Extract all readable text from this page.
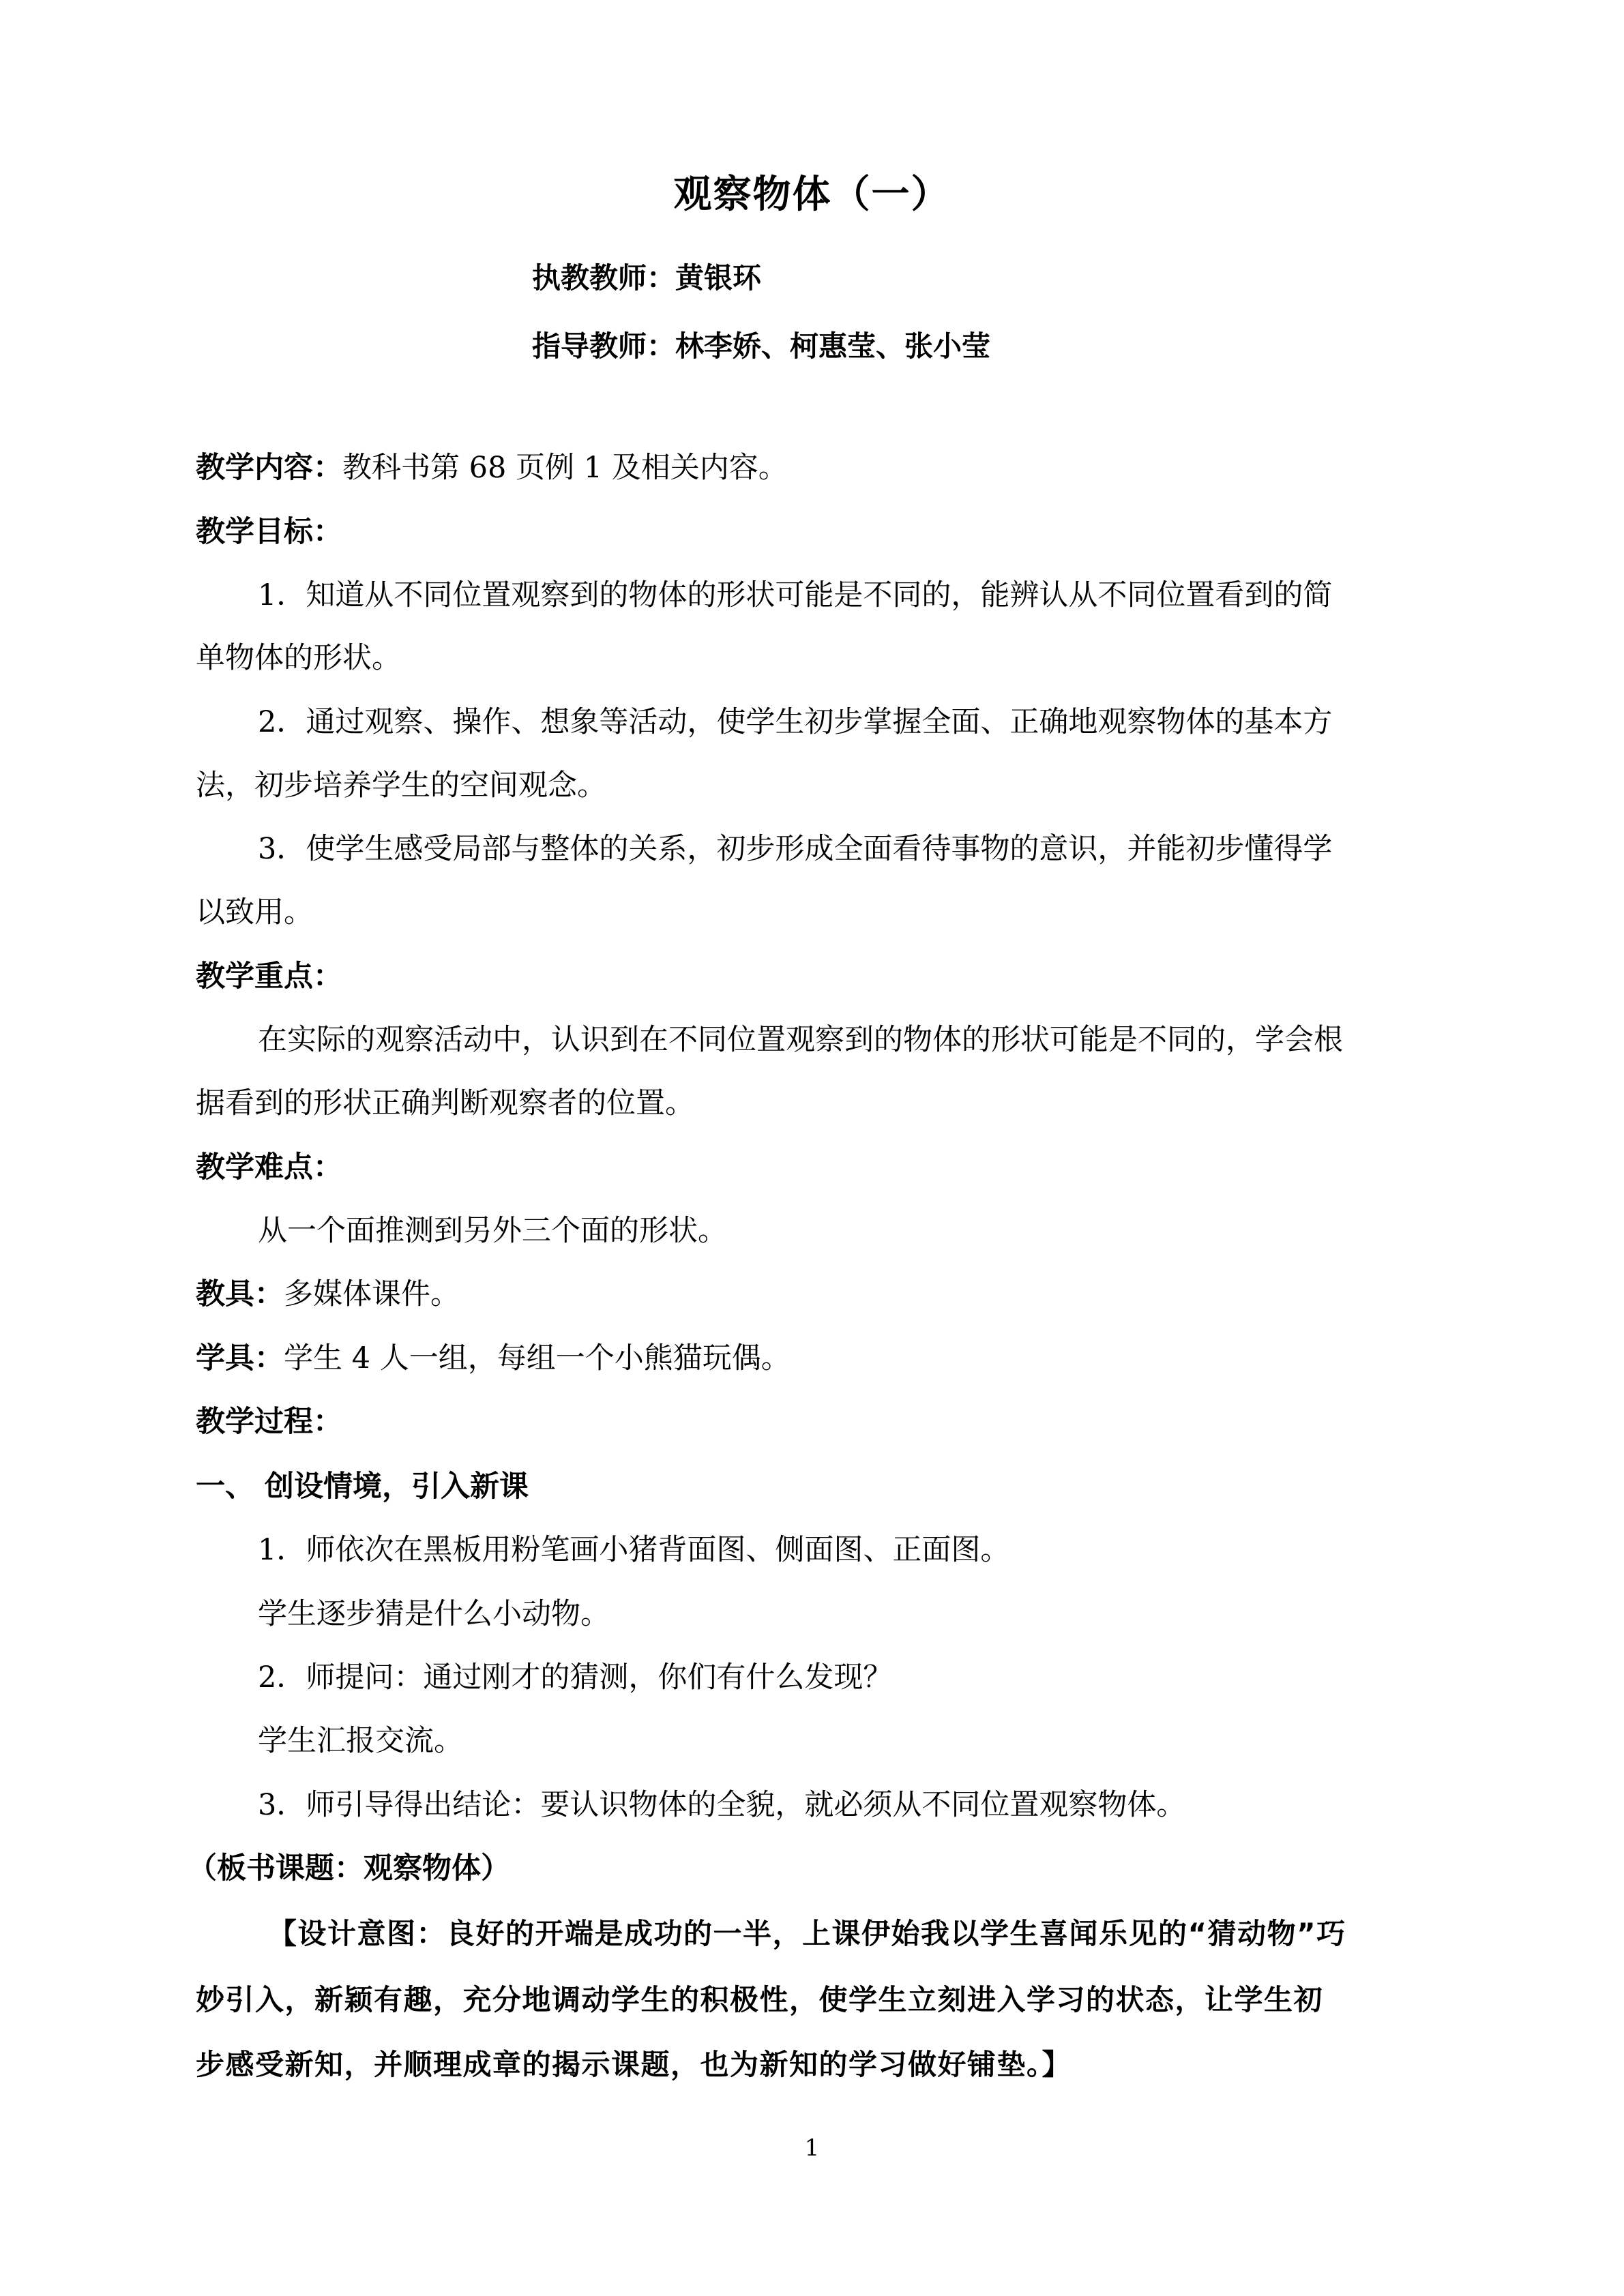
观察物体（一）
执教教师：黄银环
指导教师：林李娇、柯惠莹、张小莹
教学内容：教科书第 68 页例 1 及相关内容。
教学目标：
1．知道从不同位置观察到的物体的形状可能是不同的，能辨认从不同位置看到的简
单物体的形状。
2．通过观察、操作、想象等活动，使学生初步掌握全面、正确地观察物体的基本方
法，初步培养学生的空间观念。
3．使学生感受局部与整体的关系，初步形成全面看待事物的意识，并能初步懂得学
以致用。
教学重点：
在实际的观察活动中，认识到在不同位置观察到的物体的形状可能是不同的，学会根
据看到的形状正确判断观察者的位置。
教学难点：
从一个面推测到另外三个面的形状。
教具：多媒体课件。
学具：学生 4 人一组，每组一个小熊猫玩偶。
教学过程：
一、 创设情境，引入新课
1．师依次在黑板用粉笔画小猪背面图、侧面图、正面图。
学生逐步猜是什么小动物。
2．师提问：通过刚才的猜测，你们有什么发现？
学生汇报交流。
3．师引导得出结论：要认识物体的全貌，就必须从不同位置观察物体。
（板书课题：观察物体）
【设计意图：良好的开端是成功的一半，上课伊始我以学生喜闻乐见的“猜动物”巧
妙引入，新颖有趣，充分地调动学生的积极性，使学生立刻进入学习的状态，让学生初
步感受新知，并顺理成章的揭示课题，也为新知的学习做好铺垫。】
1
